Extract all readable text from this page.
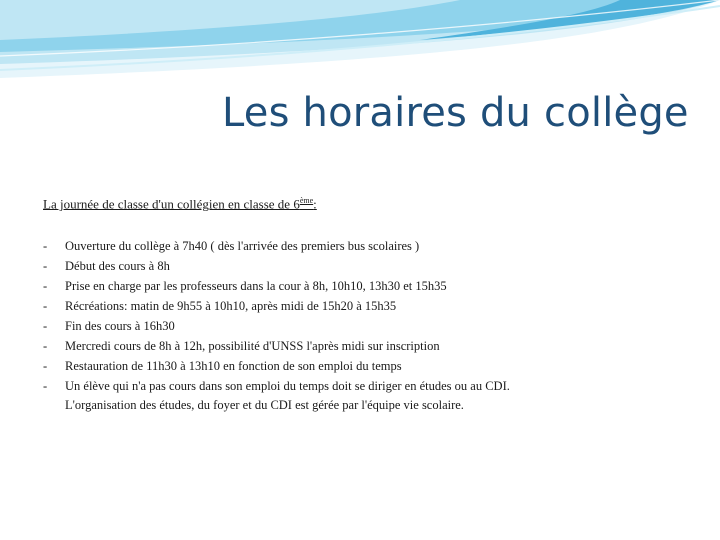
Les horaires du collège
La journée de classe d'un collégien en classe de 6ème:
- Ouverture du collège à 7h40 ( dès l'arrivée des premiers bus scolaires )
- Début des cours à 8h
- Prise en charge par les professeurs dans la cour à 8h, 10h10, 13h30 et 15h35
- Récréations: matin de 9h55 à 10h10, après midi de 15h20 à 15h35
- Fin des cours à 16h30
- Mercredi cours de 8h à 12h, possibilité d'UNSS l'après midi sur inscription
- Restauration de 11h30 à 13h10 en fonction de son emploi du temps
- Un élève qui n'a pas cours dans son emploi du temps doit se diriger en études ou au CDI.
L'organisation des études, du foyer et du CDI est gérée par l'équipe vie scolaire.
